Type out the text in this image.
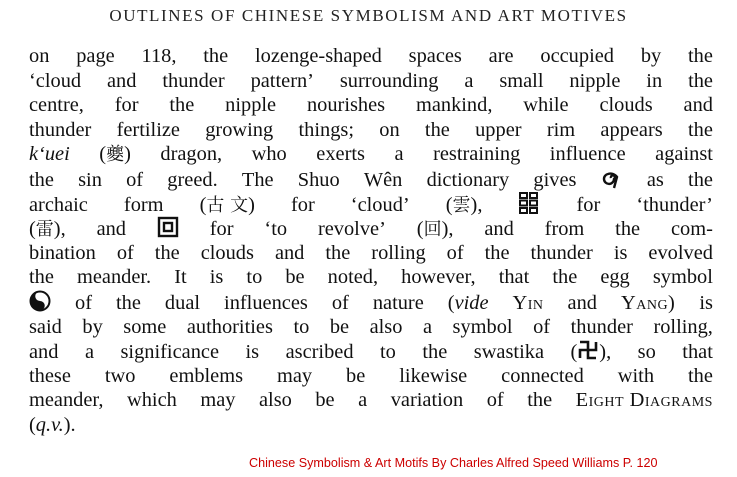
OUTLINES OF CHINESE SYMBOLISM AND ART MOTIVES
on page 118, the lozenge-shaped spaces are occupied by the
‘cloud and thunder pattern’ surrounding a small nipple in the
centre, for the nipple nourishes mankind, while clouds and
thunder fertilize growing things; on the upper rim appears the
k‘uei (夔) dragon, who exerts a restraining influence against
the sin of greed. The Shuo Wên dictionary gives	as the
archaic form (古 文) for ‘cloud’ (雲),	for ‘thunder’
(雷), and	for ‘to revolve’ (回), and from the com-
bination of the clouds and the rolling of the thunder is evolved
the meander. It is to be noted, however, that the egg symbol
of the dual influences of nature (vide Yin and Yang) is
said by some authorities to be also a symbol of thunder rolling,
and a significance is ascribed to the swastika ( ), so that
these two emblems may be likewise connected with the
meander, which may also be a variation of the Eight Diagrams
(q.v.).
Chinese Symbolism & Art Motifs By Charles Alfred Speed Williams P. 120
